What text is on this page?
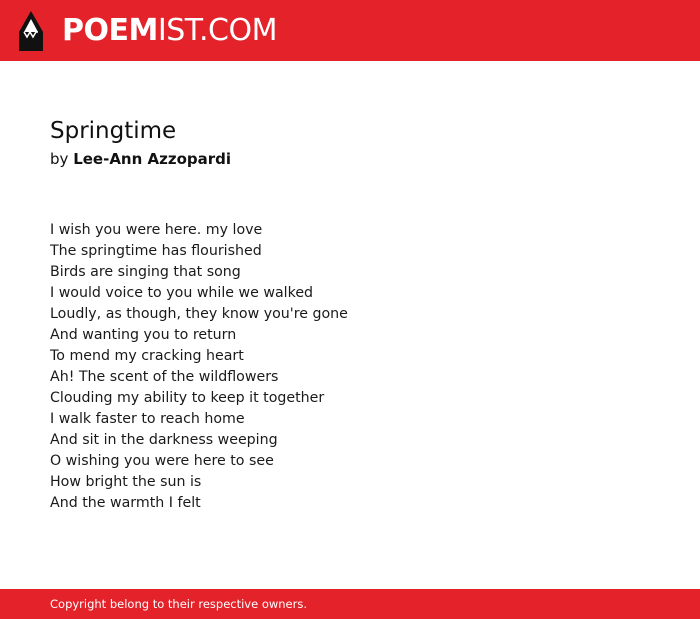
POEMIST.COM
Springtime
by Lee-Ann Azzopardi
I wish you were here. my love
The springtime has flourished
Birds are singing that song
I would voice to you while we walked
Loudly, as though, they know you're gone
And wanting you to return
To mend my cracking heart
Ah! The scent of the wildflowers
Clouding my ability to keep it together
I walk faster to reach home
And sit in the darkness weeping
O wishing you were here to see
How bright the sun is
And the warmth I felt
Copyright belong to their respective owners.
